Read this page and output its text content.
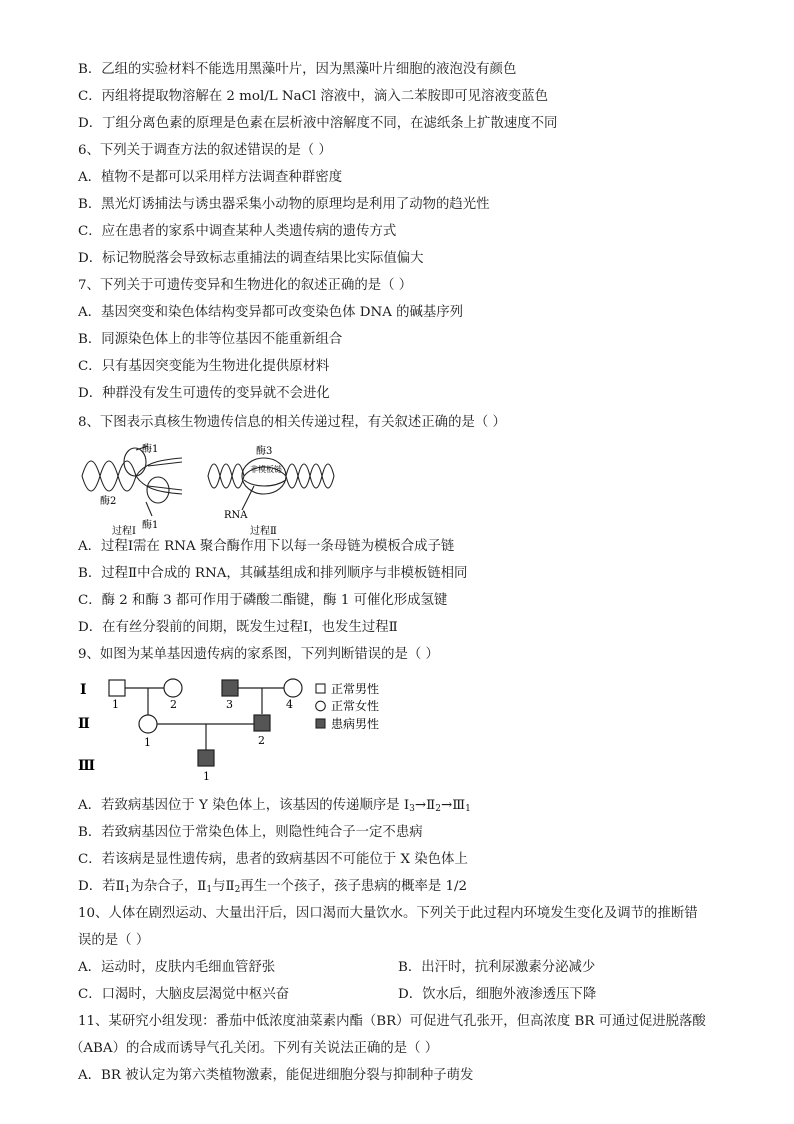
B．乙组的实验材料不能选用黑藻叶片，因为黑藻叶片细胞的液泡没有颜色
C．丙组将提取物溶解在 2 mol/L NaCl 溶液中，滴入二苯胺即可见溶液变蓝色
D．丁组分离色素的原理是色素在层析液中溶解度不同，在滤纸条上扩散速度不同
6、下列关于调查方法的叙述错误的是（ ）
A．植物不是都可以采用样方法调查种群密度
B．黑光灯诱捕法与诱虫器采集小动物的原理均是利用了动物的趋光性
C．应在患者的家系中调查某种人类遗传病的遗传方式
D．标记物脱落会导致标志重捕法的调查结果比实际值偏大
7、下列关于可遗传变异和生物进化的叙述正确的是（ ）
A．基因突变和染色体结构变异都可改变染色体 DNA 的碱基序列
B．同源染色体上的非等位基因不能重新组合
C．只有基因突变能为生物进化提供原材料
D．种群没有发生可遗传的变异就不会进化
8、下图表示真核生物遗传信息的相关传递过程，有关叙述正确的是（ ）
酶1
酶2
酶1
过程Ⅰ
酶3
非模板链
RNA
过程Ⅱ
A．过程Ⅰ需在 RNA 聚合酶作用下以每一条母链为模板合成子链
B．过程Ⅱ中合成的 RNA，其碱基组成和排列顺序与非模板链相同
C．酶 2 和酶 3 都可作用于磷酸二酯键，酶 1 可催化形成氢键
D．在有丝分裂前的间期，既发生过程Ⅰ，也发生过程Ⅱ
9、如图为某单基因遗传病的家系图，下列判断错误的是（ ）
I
Ⅱ
Ⅲ
1	2	3	4
1	2
1
正常男性
正常女性
患病男性
A．若致病基因位于 Y 染色体上，该基因的传递顺序是 $I_3\to Ⅱ_2\to Ⅲ_1$
B．若致病基因位于常染色体上，则隐性纯合子一定不患病
C．若该病是显性遗传病，患者的致病基因不可能位于 X 染色体上
D．若$Ⅱ_1$为杂合子，$Ⅱ_1$与$Ⅱ_2$再生一个孩子，孩子患病的概率是 1/2
10、人体在剧烈运动、大量出汗后，因口渴而大量饮水。下列关于此过程内环境发生变化及调节的推断错
误的是（ ）
A．运动时，皮肤内毛细血管舒张	B．出汗时，抗利尿激素分泌减少
C．口渴时，大脑皮层渴觉中枢兴奋	D．饮水后，细胞外液渗透压下降
11、某研究小组发现：番茄中低浓度油菜素内酯（BR）可促进气孔张开，但高浓度 BR 可通过促进脱落酸
（ABA）的合成而诱导气孔关闭。下列有关说法正确的是（ ）
A．BR 被认定为第六类植物激素，能促进细胞分裂与抑制种子萌发
